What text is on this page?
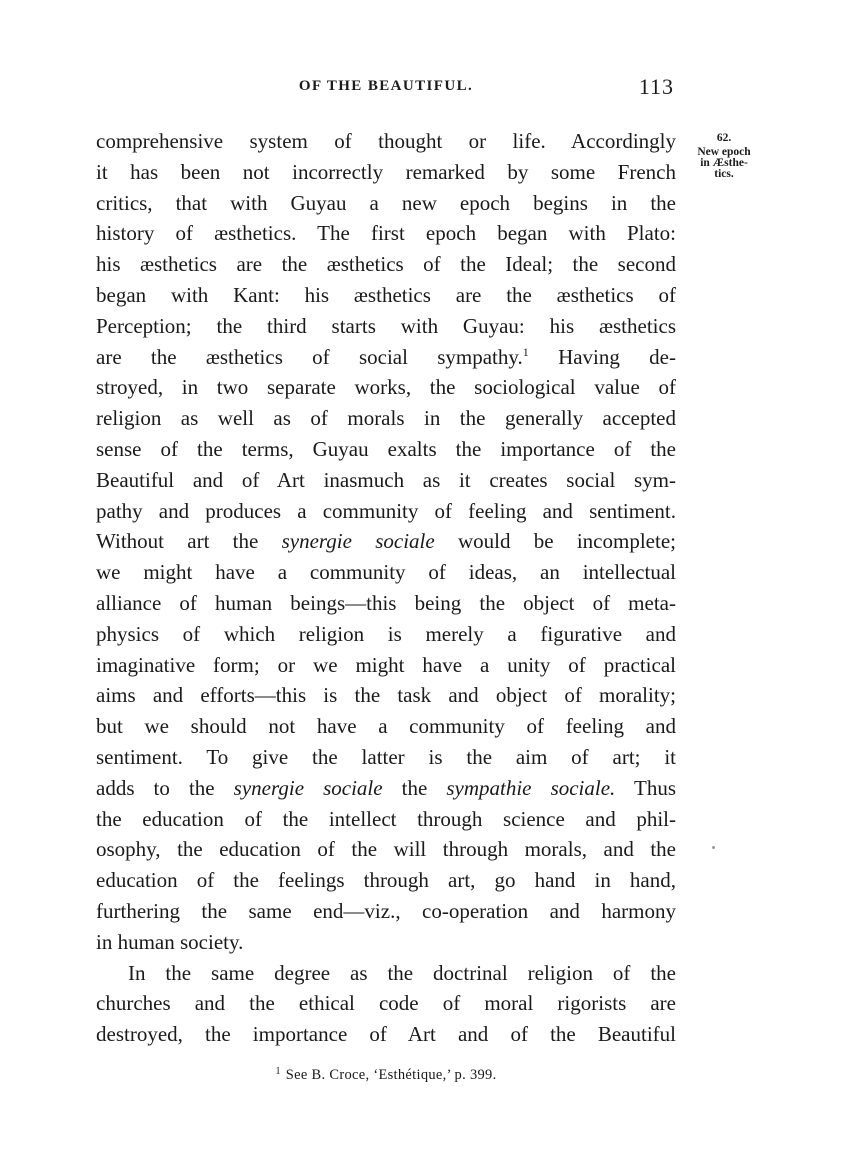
OF THE BEAUTIFUL.	113
62.
New epoch
in Æsthe-
tics.
comprehensive system of thought or life. Accordingly
it has been not incorrectly remarked by some French
critics, that with Guyau a new epoch begins in the
history of æsthetics. The first epoch began with Plato:
his æsthetics are the æsthetics of the Ideal; the second
began with Kant: his æsthetics are the æsthetics of
Perception; the third starts with Guyau: his æsthetics
are the æsthetics of social sympathy.$^1$ Having de-
stroyed, in two separate works, the sociological value of
religion as well as of morals in the generally accepted
sense of the terms, Guyau exalts the importance of the
Beautiful and of Art inasmuch as it creates social sym-
pathy and produces a community of feeling and sentiment.
Without art the synergie sociale would be incomplete;
we might have a community of ideas, an intellectual
alliance of human beings—this being the object of meta-
physics of which religion is merely a figurative and
imaginative form; or we might have a unity of practical
aims and efforts—this is the task and object of morality;
but we should not have a community of feeling and
sentiment. To give the latter is the aim of art; it
adds to the synergie sociale the sympathie sociale. Thus
the education of the intellect through science and phil-
osophy, the education of the will through morals, and the
education of the feelings through art, go hand in hand,
furthering the same end—viz., co-operation and harmony
in human society.
In the same degree as the doctrinal religion of the
churches and the ethical code of moral rigorists are
destroyed, the importance of Art and of the Beautiful
$^1$ See B. Croce, ‘Esthétique,’ p. 399.
